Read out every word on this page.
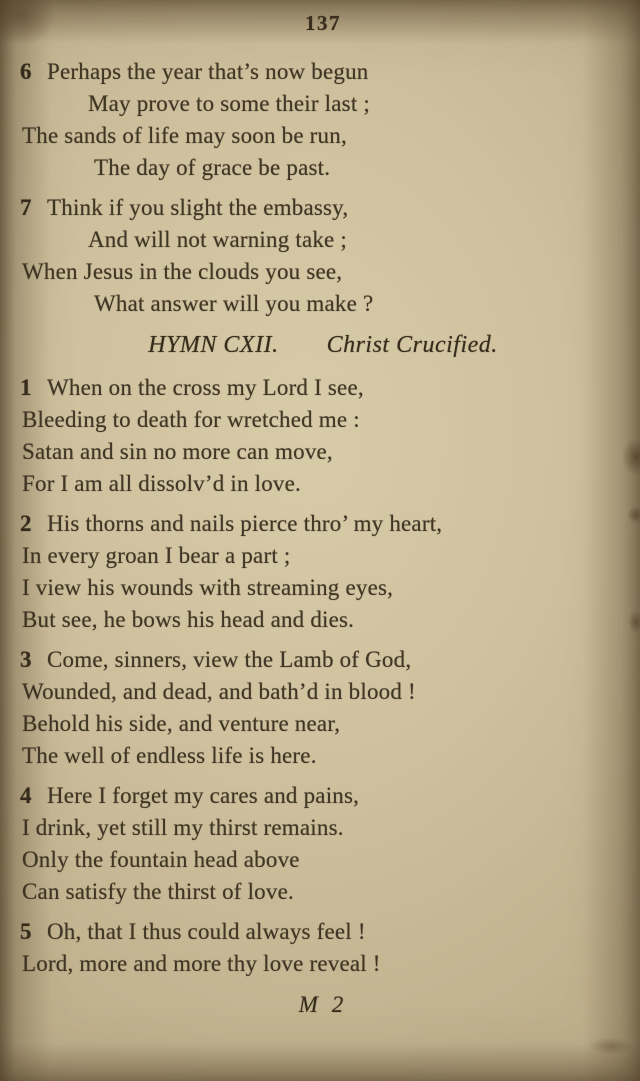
137
6 Perhaps the year that’s now begun

May prove to some their last ;

The sands of life may soon be run,

The day of grace be past.

7 Think if you slight the embassy,

And will not warning take ;

When Jesus in the clouds you see,

What answer will you make ?

HYMN CXII. Christ Crucified.
1 When on the cross my Lord I see,

Bleeding to death for wretched me :

Satan and sin no more can move,

For I am all dissolv’d in love.

2 His thorns and nails pierce thro’ my heart,

In every groan I bear a part ;

I view his wounds with streaming eyes,

But see, he bows his head and dies.

3 Come, sinners, view the Lamb of God,

Wounded, and dead, and bath’d in blood !

Behold his side, and venture near,

The well of endless life is here.

4 Here I forget my cares and pains,

I drink, yet still my thirst remains.

Only the fountain head above

Can satisfy the thirst of love.

5 Oh, that I thus could always feel !

Lord, more and more thy love reveal !

M 2
